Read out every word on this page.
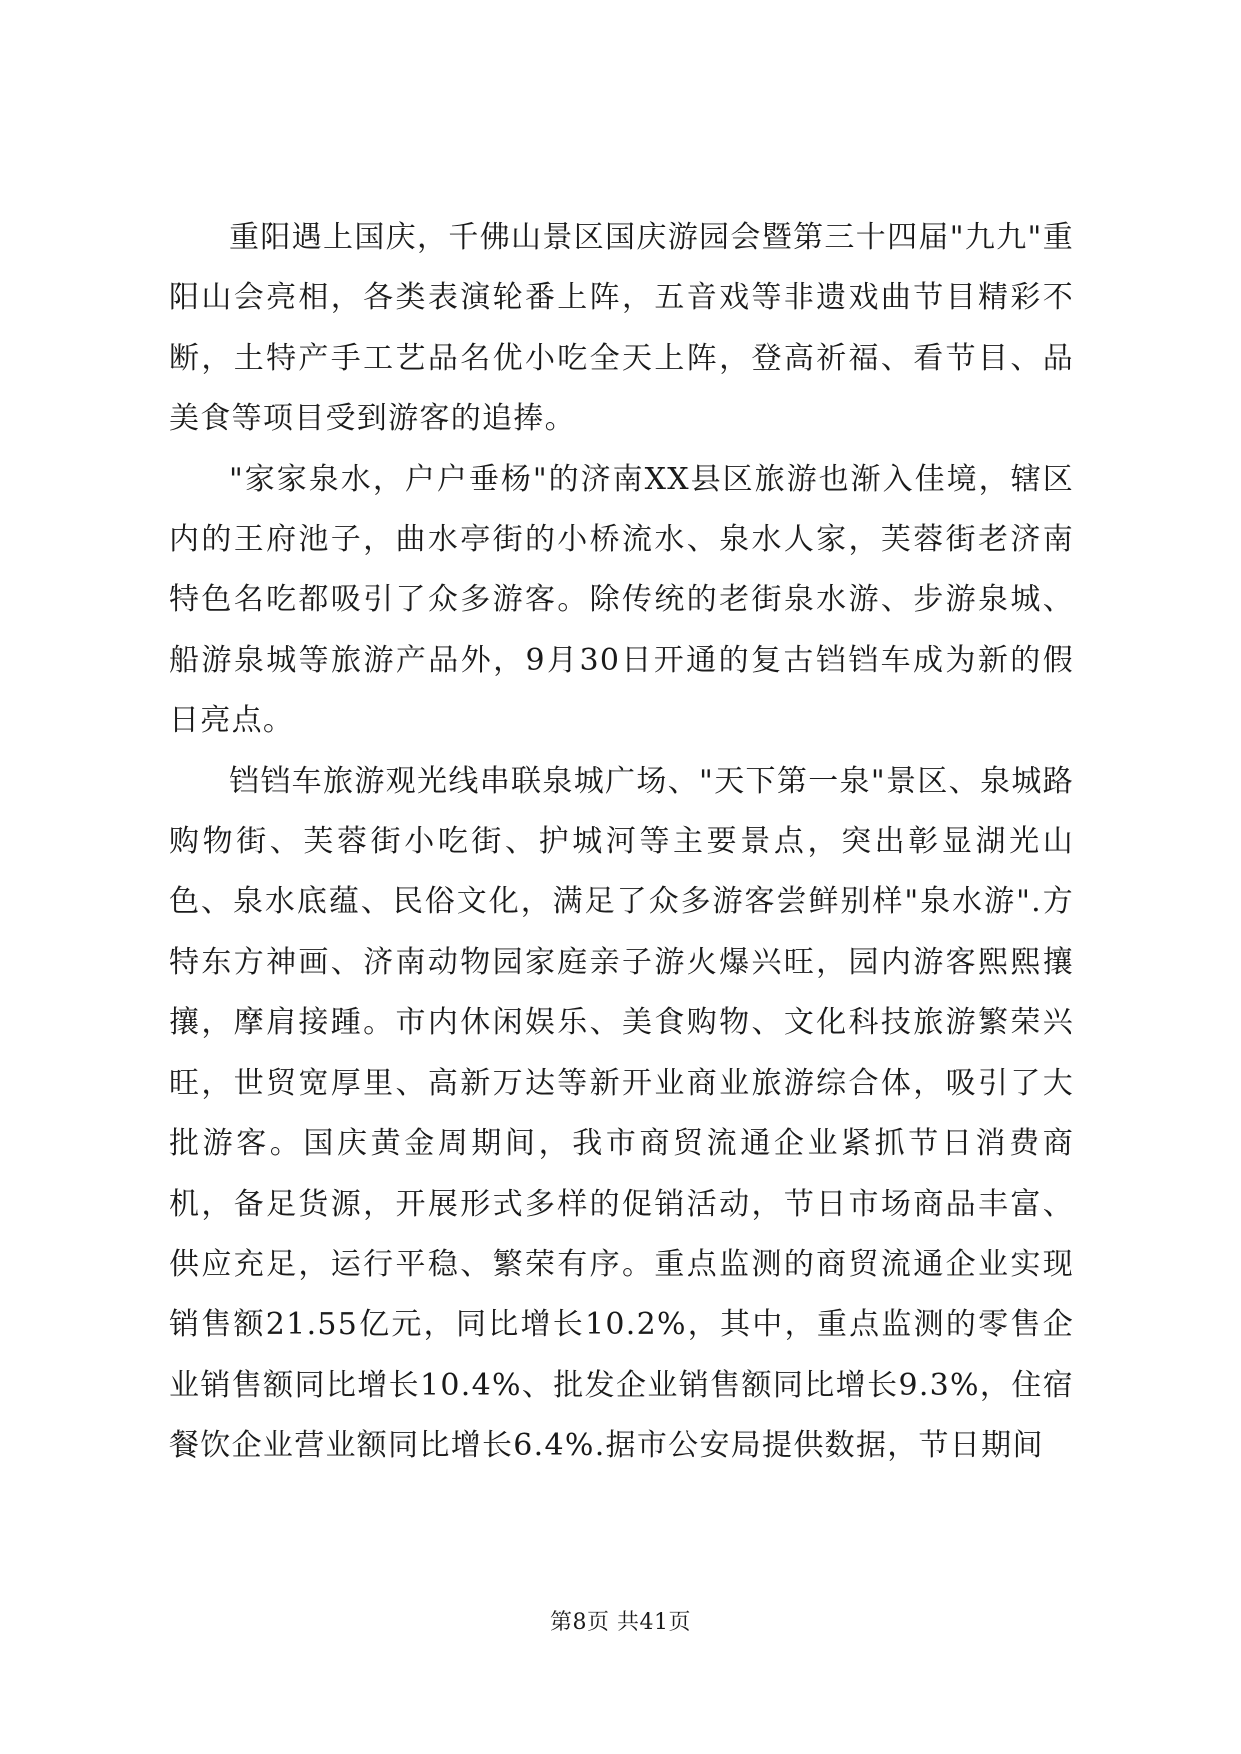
重阳遇上国庆，千佛山景区国庆游园会暨第三十四届"九九"重阳山会亮相，各类表演轮番上阵，五音戏等非遗戏曲节目精彩不断，土特产手工艺品名优小吃全天上阵，登高祈福、看节目、品美食等项目受到游客的追捧。

"家家泉水，户户垂杨"的济南XX县区旅游也渐入佳境，辖区内的王府池子，曲水亭街的小桥流水、泉水人家，芙蓉街老济南特色名吃都吸引了众多游客。除传统的老街泉水游、步游泉城、船游泉城等旅游产品外，9月30日开通的复古铛铛车成为新的假日亮点。

铛铛车旅游观光线串联泉城广场、"天下第一泉"景区、泉城路购物街、芙蓉街小吃街、护城河等主要景点，突出彰显湖光山色、泉水底蕴、民俗文化，满足了众多游客尝鲜别样"泉水游".方特东方神画、济南动物园家庭亲子游火爆兴旺，园内游客熙熙攘攘，摩肩接踵。市内休闲娱乐、美食购物、文化科技旅游繁荣兴旺，世贸宽厚里、高新万达等新开业商业旅游综合体，吸引了大批游客。国庆黄金周期间，我市商贸流通企业紧抓节日消费商机，备足货源，开展形式多样的促销活动，节日市场商品丰富、供应充足，运行平稳、繁荣有序。重点监测的商贸流通企业实现销售额21.55亿元，同比增长10.2%，其中，重点监测的零售企业销售额同比增长10.4%、批发企业销售额同比增长9.3%，住宿餐饮企业营业额同比增长6.4%.据市公安局提供数据，节日期间

第8页 共41页
